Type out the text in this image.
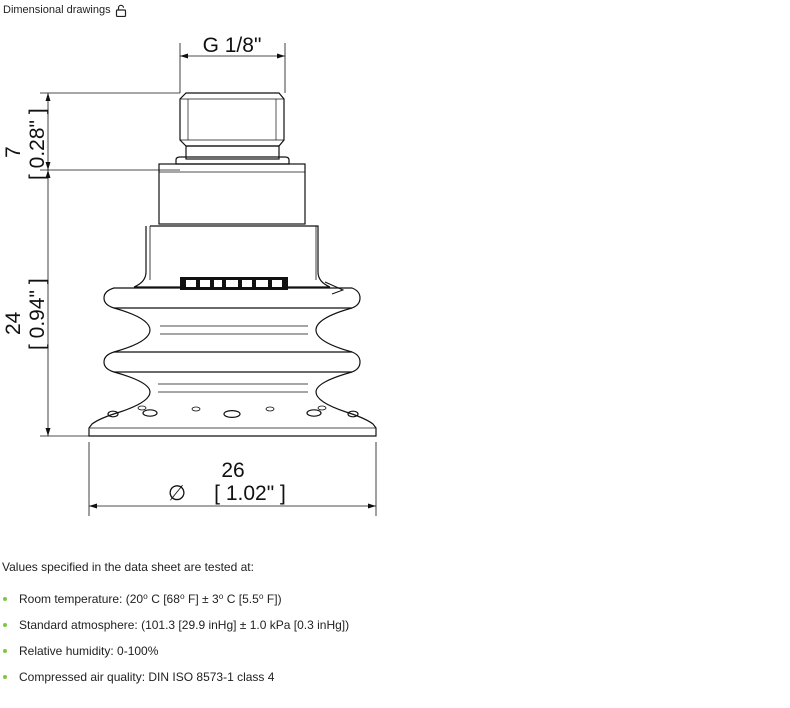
Dimensional drawings
G 1/8"
7 [ 0.28" ]
24 [ 0.94" ]
26
∅ [ 1.02" ]

Values specified in the data sheet are tested at:

Room temperature: (20⁰ C [68⁰ F] ± 3⁰ C [5.5⁰ F])
Standard atmosphere: (101.3 [29.9 inHg] ± 1.0 kPa [0.3 inHg])
Relative humidity: 0-100%
Compressed air quality: DIN ISO 8573-1 class 4
